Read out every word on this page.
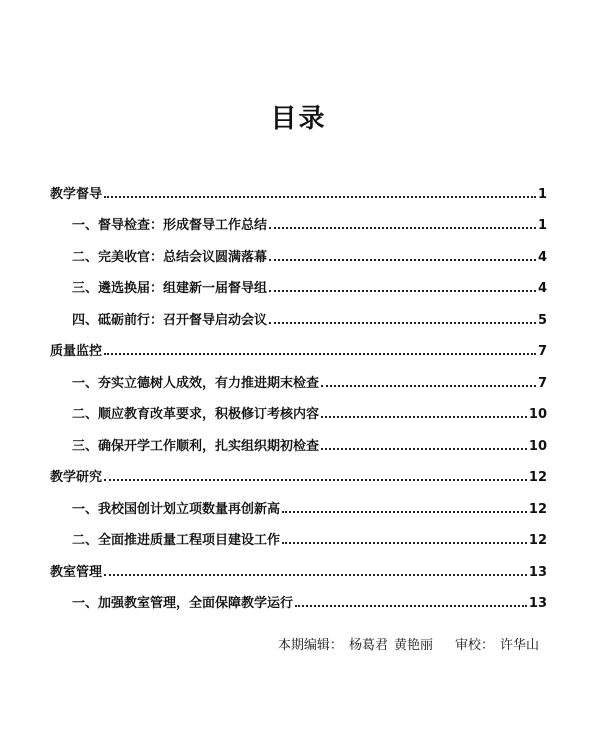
目录
教学督导	1
一、督导检查：形成督导工作总结	1
二、完美收官：总结会议圆满落幕	4
三、遴选换届：组建新一届督导组	4
四、砥砺前行：召开督导启动会议	5
质量监控	7
一、夯实立德树人成效，有力推进期末检查	7
二、顺应教育改革要求，积极修订考核内容	10
三、确保开学工作顺利，扎实组织期初检查	10
教学研究	12
一、我校国创计划立项数量再创新高	12
二、全面推进质量工程项目建设工作	12
教室管理	13
一、加强教室管理，全面保障教学运行	13
本期编辑： 杨葛君 黄艳丽 审校： 许华山
